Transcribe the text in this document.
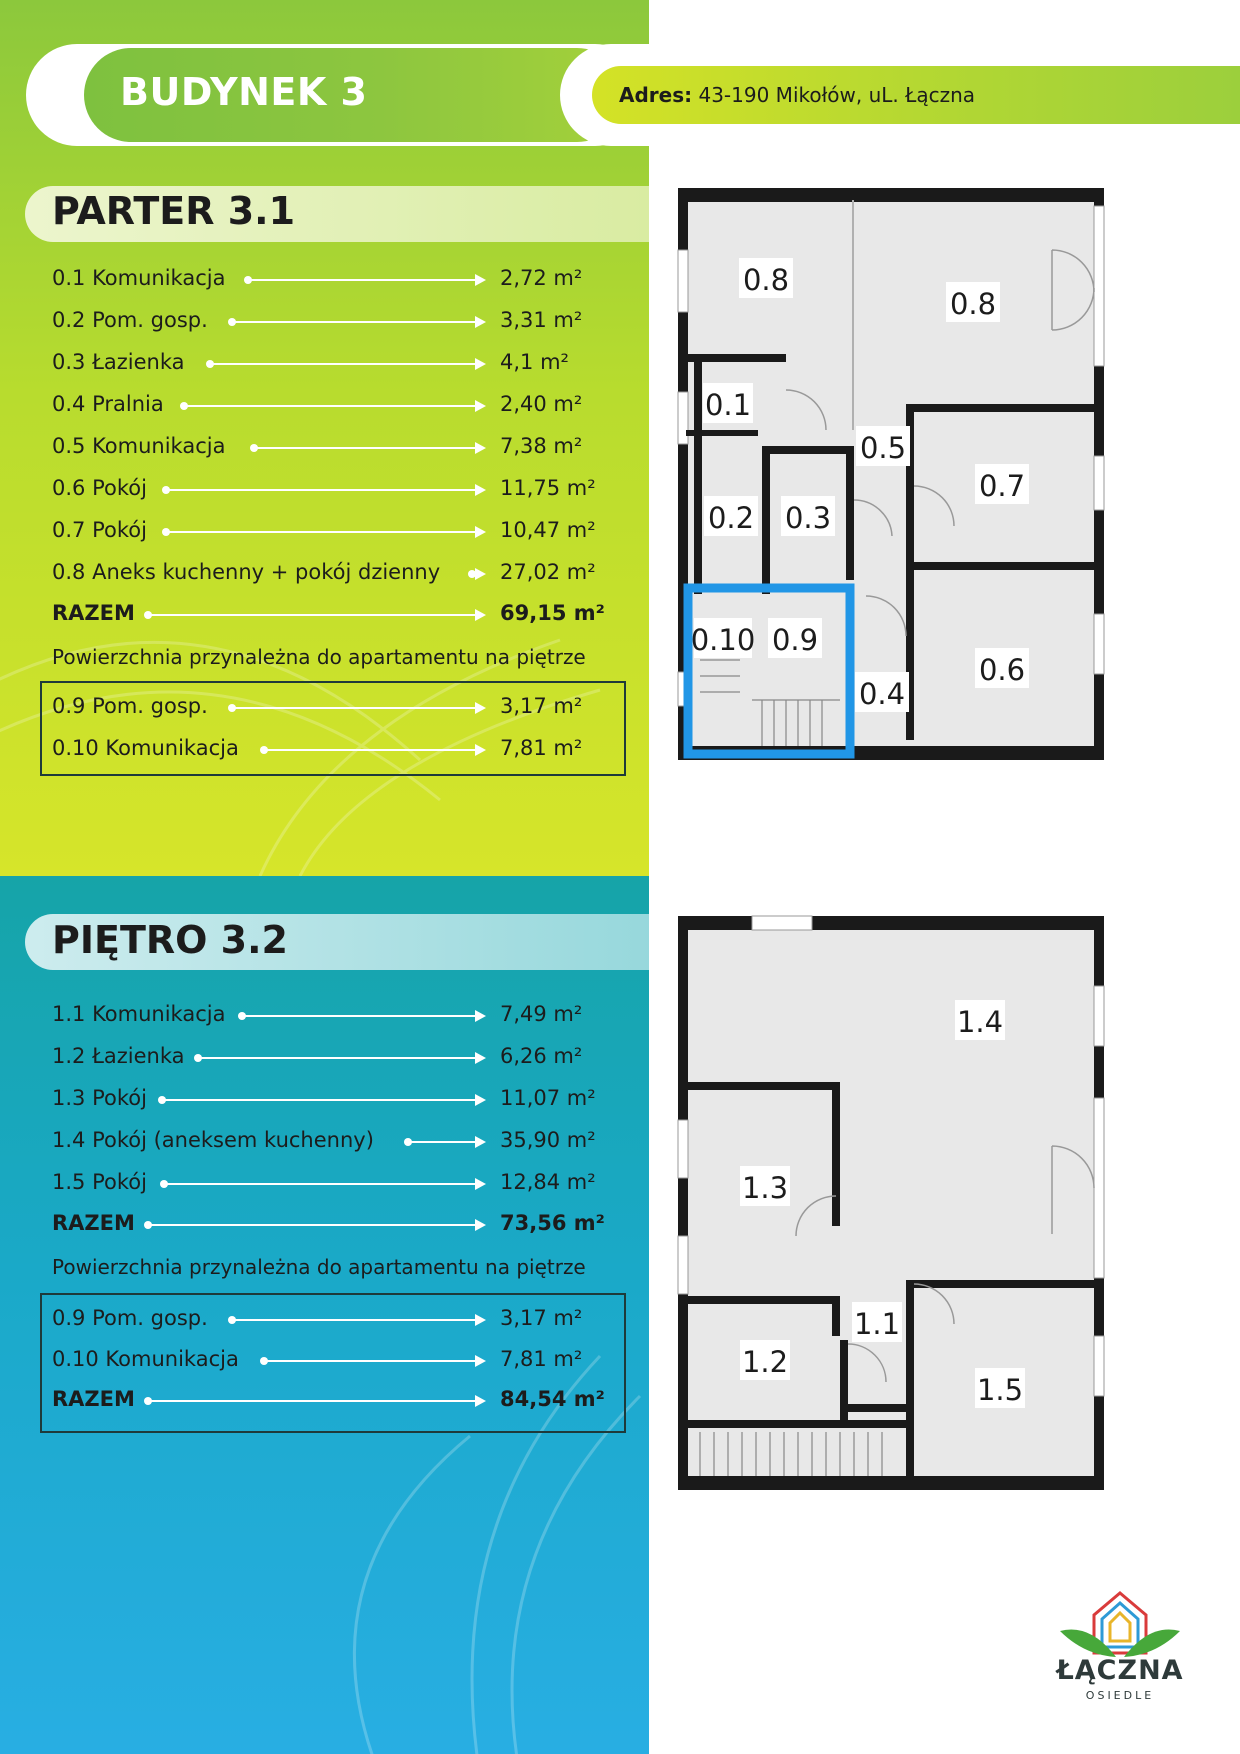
BUDYNEK 3	Adres: 43-190 Mikołów, uL. Łączna
PARTER 3.1
0.1 Komunikacja	2,72 m²
0.2 Pom. gosp.	3,31 m²
0.3 Łazienka	4,1 m²
0.4 Pralnia	2,40 m²
0.5 Komunikacja	7,38 m²
0.6 Pokój	11,75 m²
0.7 Pokój	10,47 m²
0.8 Aneks kuchenny + pokój dzienny	27,02 m²
RAZEM	69,15 m²
Powierzchnia przynależna do apartamentu na piętrze
0.9 Pom. gosp.	3,17 m²
0.10 Komunikacja	7,81 m²
PIĘTRO 3.2
1.1 Komunikacja	7,49 m²
1.2 Łazienka	6,26 m²
1.3 Pokój	11,07 m²
1.4 Pokój (aneksem kuchenny)	35,90 m²
1.5 Pokój	12,84 m²
RAZEM	73,56 m²
Powierzchnia przynależna do apartamentu na piętrze
0.9 Pom. gosp.	3,17 m²
0.10 Komunikacja	7,81 m²
RAZEM	84,54 m²
0.8
0.8
0.1
0.5
0.7
0.2 0.3
0.10 0.9
0.4
0.6
1.4
1.3
1.1
1.2
1.5
ŁĄCZNA
OSIEDLE
